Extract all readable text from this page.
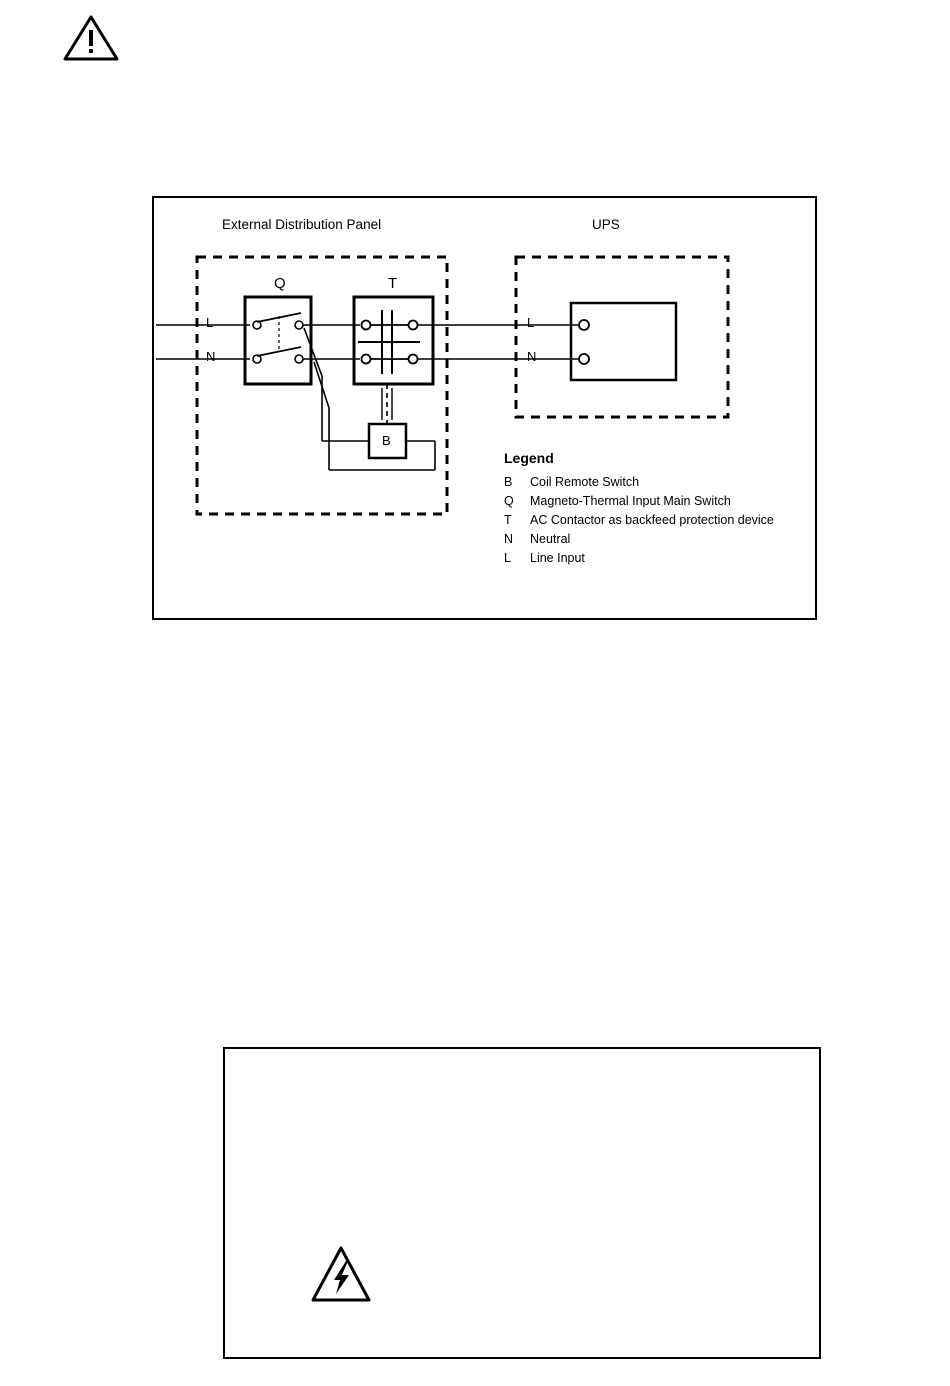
External Distribution Panel	UPS
Q	T
B
L
N
L
N
Legend
B Coil Remote Switch
Q Magneto-Thermal Input Main Switch
T AC Contactor as backfeed protection device
N Neutral
L Line Input
